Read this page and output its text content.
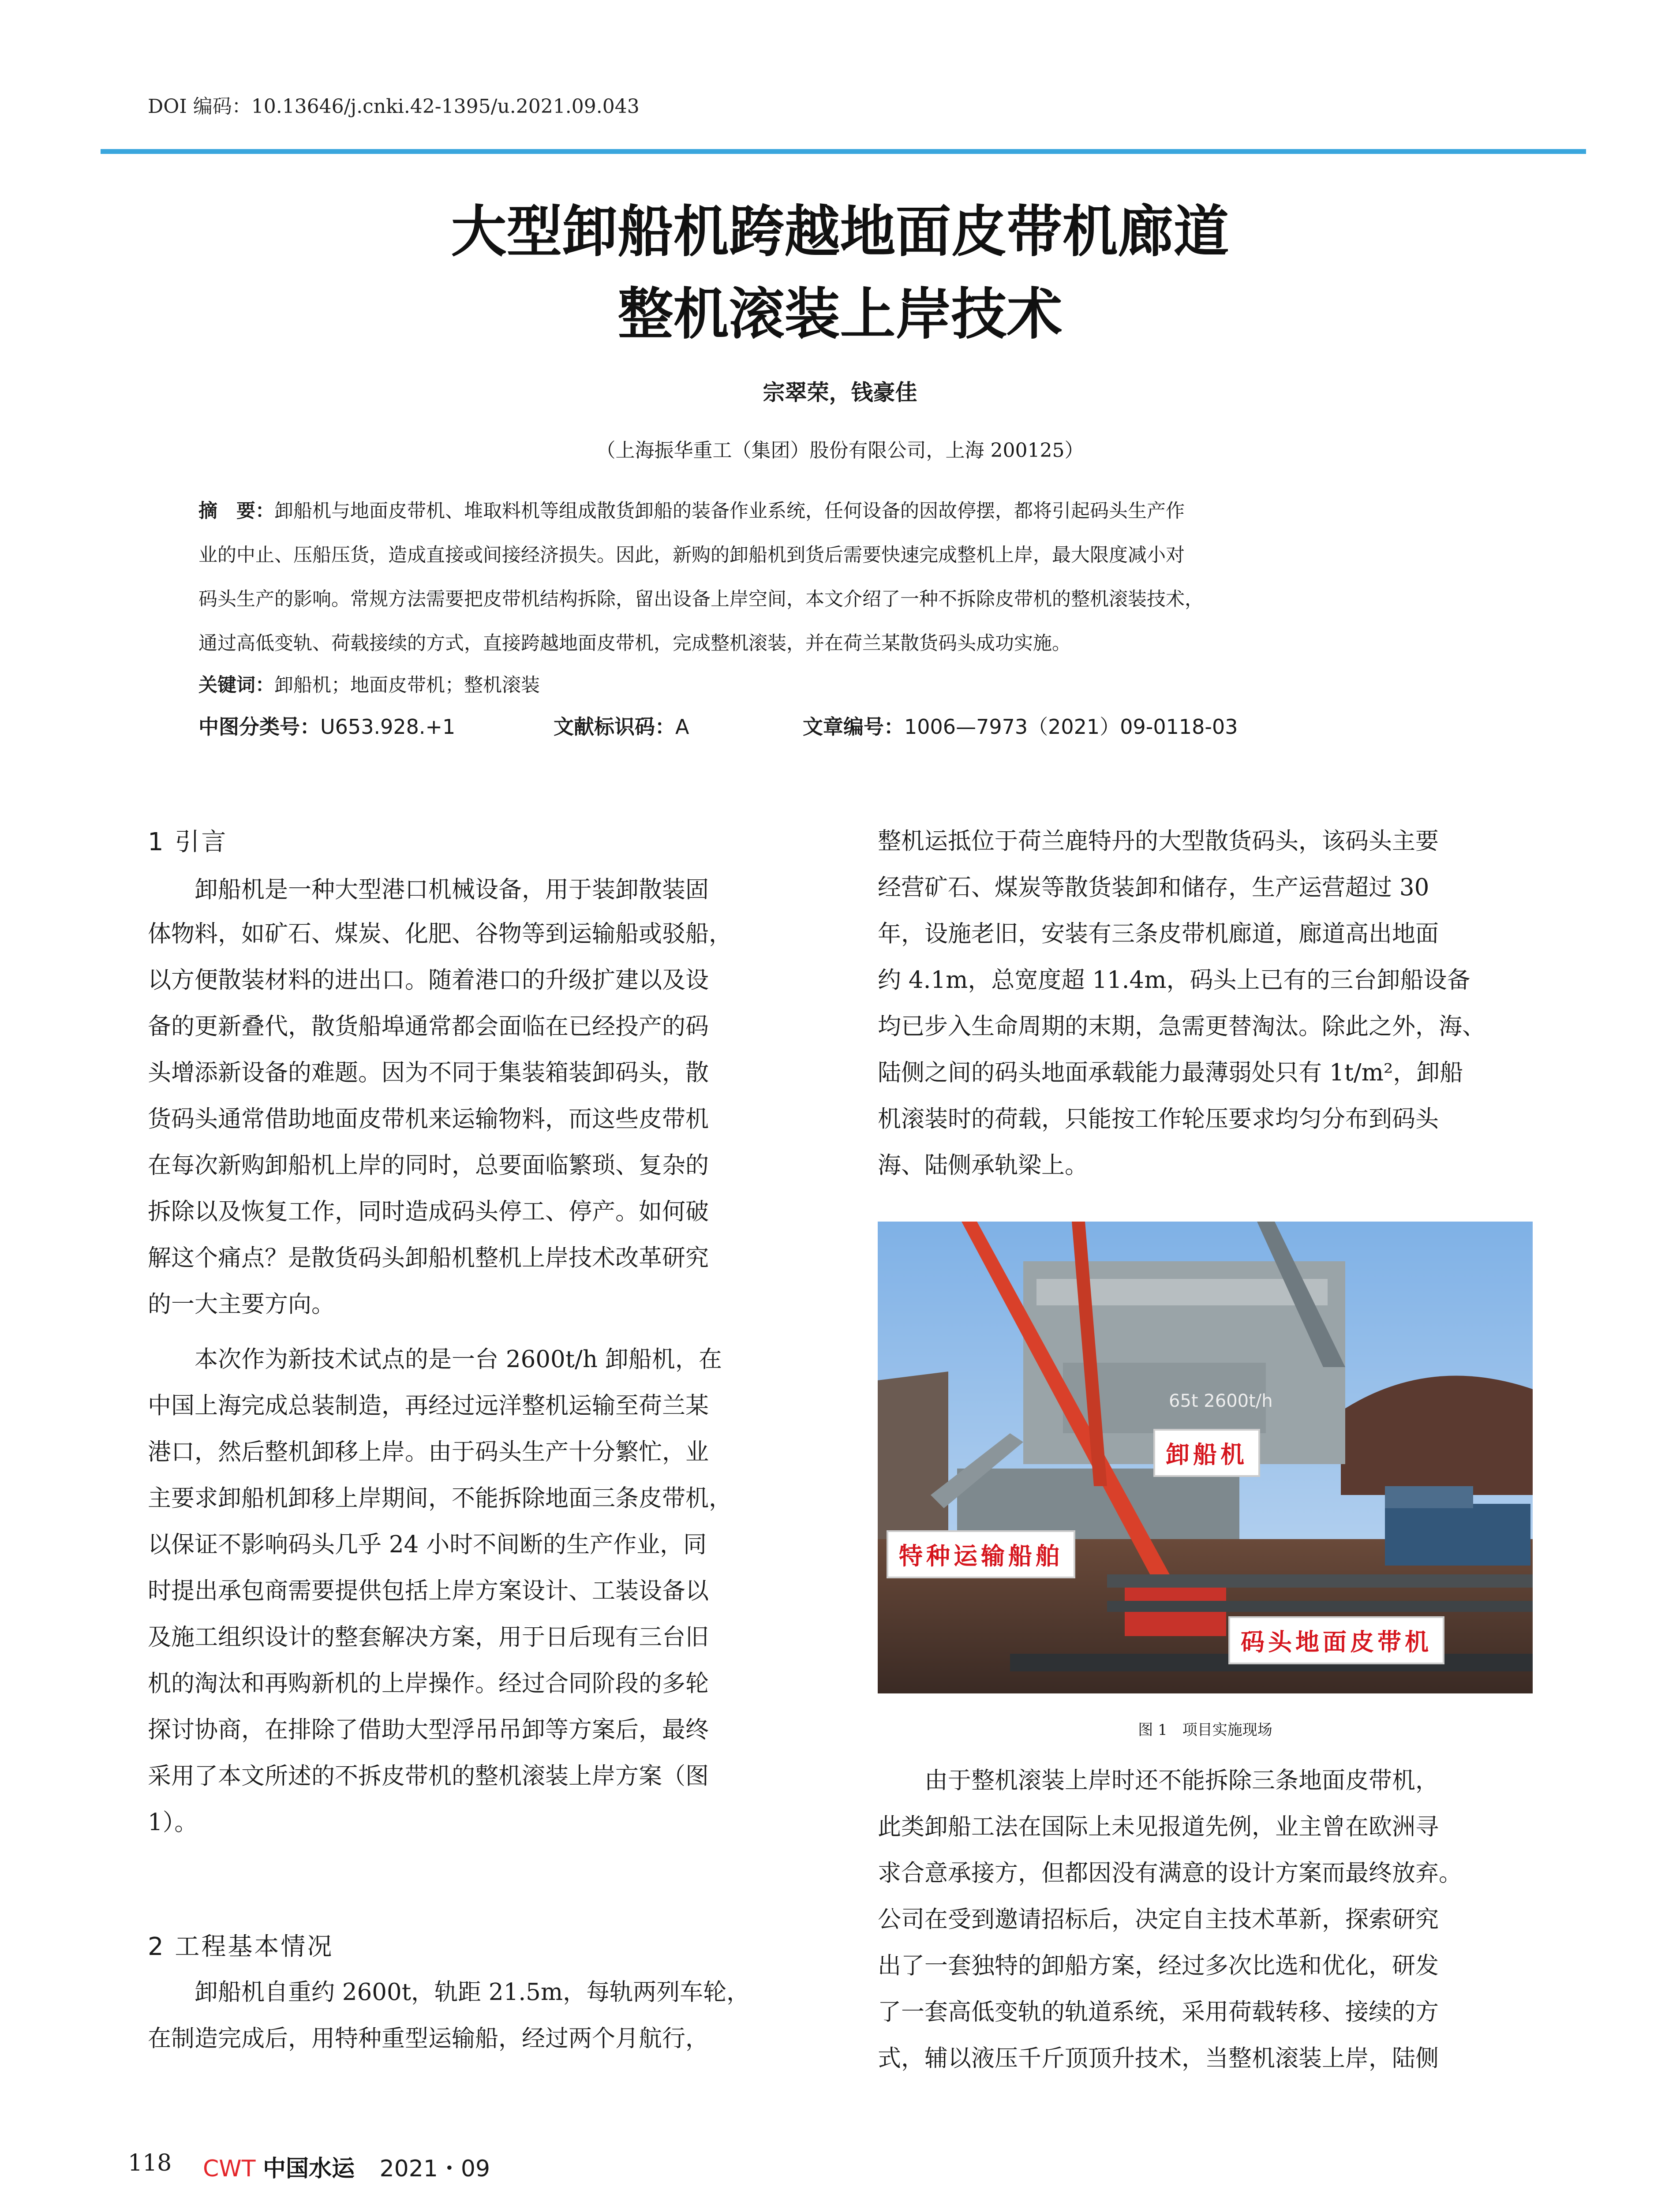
DOI 编码：10.13646/j.cnki.42-1395/u.2021.09.043
大型卸船机跨越地面皮带机廊道
整机滚装上岸技术
宗翠荣，钱豪佳
（上海振华重工（集团）股份有限公司，上海 200125）
摘　要：卸船机与地面皮带机、堆取料机等组成散货卸船的装备作业系统，任何设备的因故停摆，都将引起码头生产作
业的中止、压船压货，造成直接或间接经济损失。因此，新购的卸船机到货后需要快速完成整机上岸，最大限度减小对
码头生产的影响。常规方法需要把皮带机结构拆除，留出设备上岸空间，本文介绍了一种不拆除皮带机的整机滚装技术，
通过高低变轨、荷载接续的方式，直接跨越地面皮带机，完成整机滚装，并在荷兰某散货码头成功实施。
关键词：卸船机；地面皮带机；整机滚装
中图分类号：U653.928.+1	文献标识码：A	文章编号：1006—7973（2021）09-0118-03
1 引言
　　卸船机是一种大型港口机械设备，用于装卸散装固
体物料，如矿石、煤炭、化肥、谷物等到运输船或驳船，
以方便散装材料的进出口。随着港口的升级扩建以及设
备的更新叠代，散货船埠通常都会面临在已经投产的码
头增添新设备的难题。因为不同于集装箱装卸码头，散
货码头通常借助地面皮带机来运输物料，而这些皮带机
在每次新购卸船机上岸的同时，总要面临繁琐、复杂的
拆除以及恢复工作，同时造成码头停工、停产。如何破
解这个痛点？是散货码头卸船机整机上岸技术改革研究
的一大主要方向。
　　本次作为新技术试点的是一台 2600t/h 卸船机，在
中国上海完成总装制造，再经过远洋整机运输至荷兰某
港口，然后整机卸移上岸。由于码头生产十分繁忙，业
主要求卸船机卸移上岸期间，不能拆除地面三条皮带机，
以保证不影响码头几乎 24 小时不间断的生产作业，同
时提出承包商需要提供包括上岸方案设计、工装设备以
及施工组织设计的整套解决方案，用于日后现有三台旧
机的淘汰和再购新机的上岸操作。经过合同阶段的多轮
探讨协商，在排除了借助大型浮吊吊卸等方案后，最终
采用了本文所述的不拆皮带机的整机滚装上岸方案（图
1）。
2 工程基本情况
　　卸船机自重约 2600t，轨距 21.5m，每轨两列车轮，
在制造完成后，用特种重型运输船，经过两个月航行，
整机运抵位于荷兰鹿特丹的大型散货码头，该码头主要
经营矿石、煤炭等散货装卸和储存，生产运营超过 30
年，设施老旧，安装有三条皮带机廊道，廊道高出地面
约 4.1m，总宽度超 11.4m，码头上已有的三台卸船设备
均已步入生命周期的末期，急需更替淘汰。除此之外，海、
陆侧之间的码头地面承载能力最薄弱处只有 1t/m²，卸船
机滚装时的荷载，只能按工作轮压要求均匀分布到码头
海、陆侧承轨梁上。
65t 2600t/h
卸船机
特种运输船舶
码头地面皮带机
图 1　项目实施现场
　　由于整机滚装上岸时还不能拆除三条地面皮带机，
此类卸船工法在国际上未见报道先例，业主曾在欧洲寻
求合意承接方，但都因没有满意的设计方案而最终放弃。
公司在受到邀请招标后，决定自主技术革新，探索研究
出了一套独特的卸船方案，经过多次比选和优化，研发
了一套高低变轨的轨道系统，采用荷载转移、接续的方
式，辅以液压千斤顶顶升技术，当整机滚装上岸，陆侧
118 CWT 中国水运 2021・09
